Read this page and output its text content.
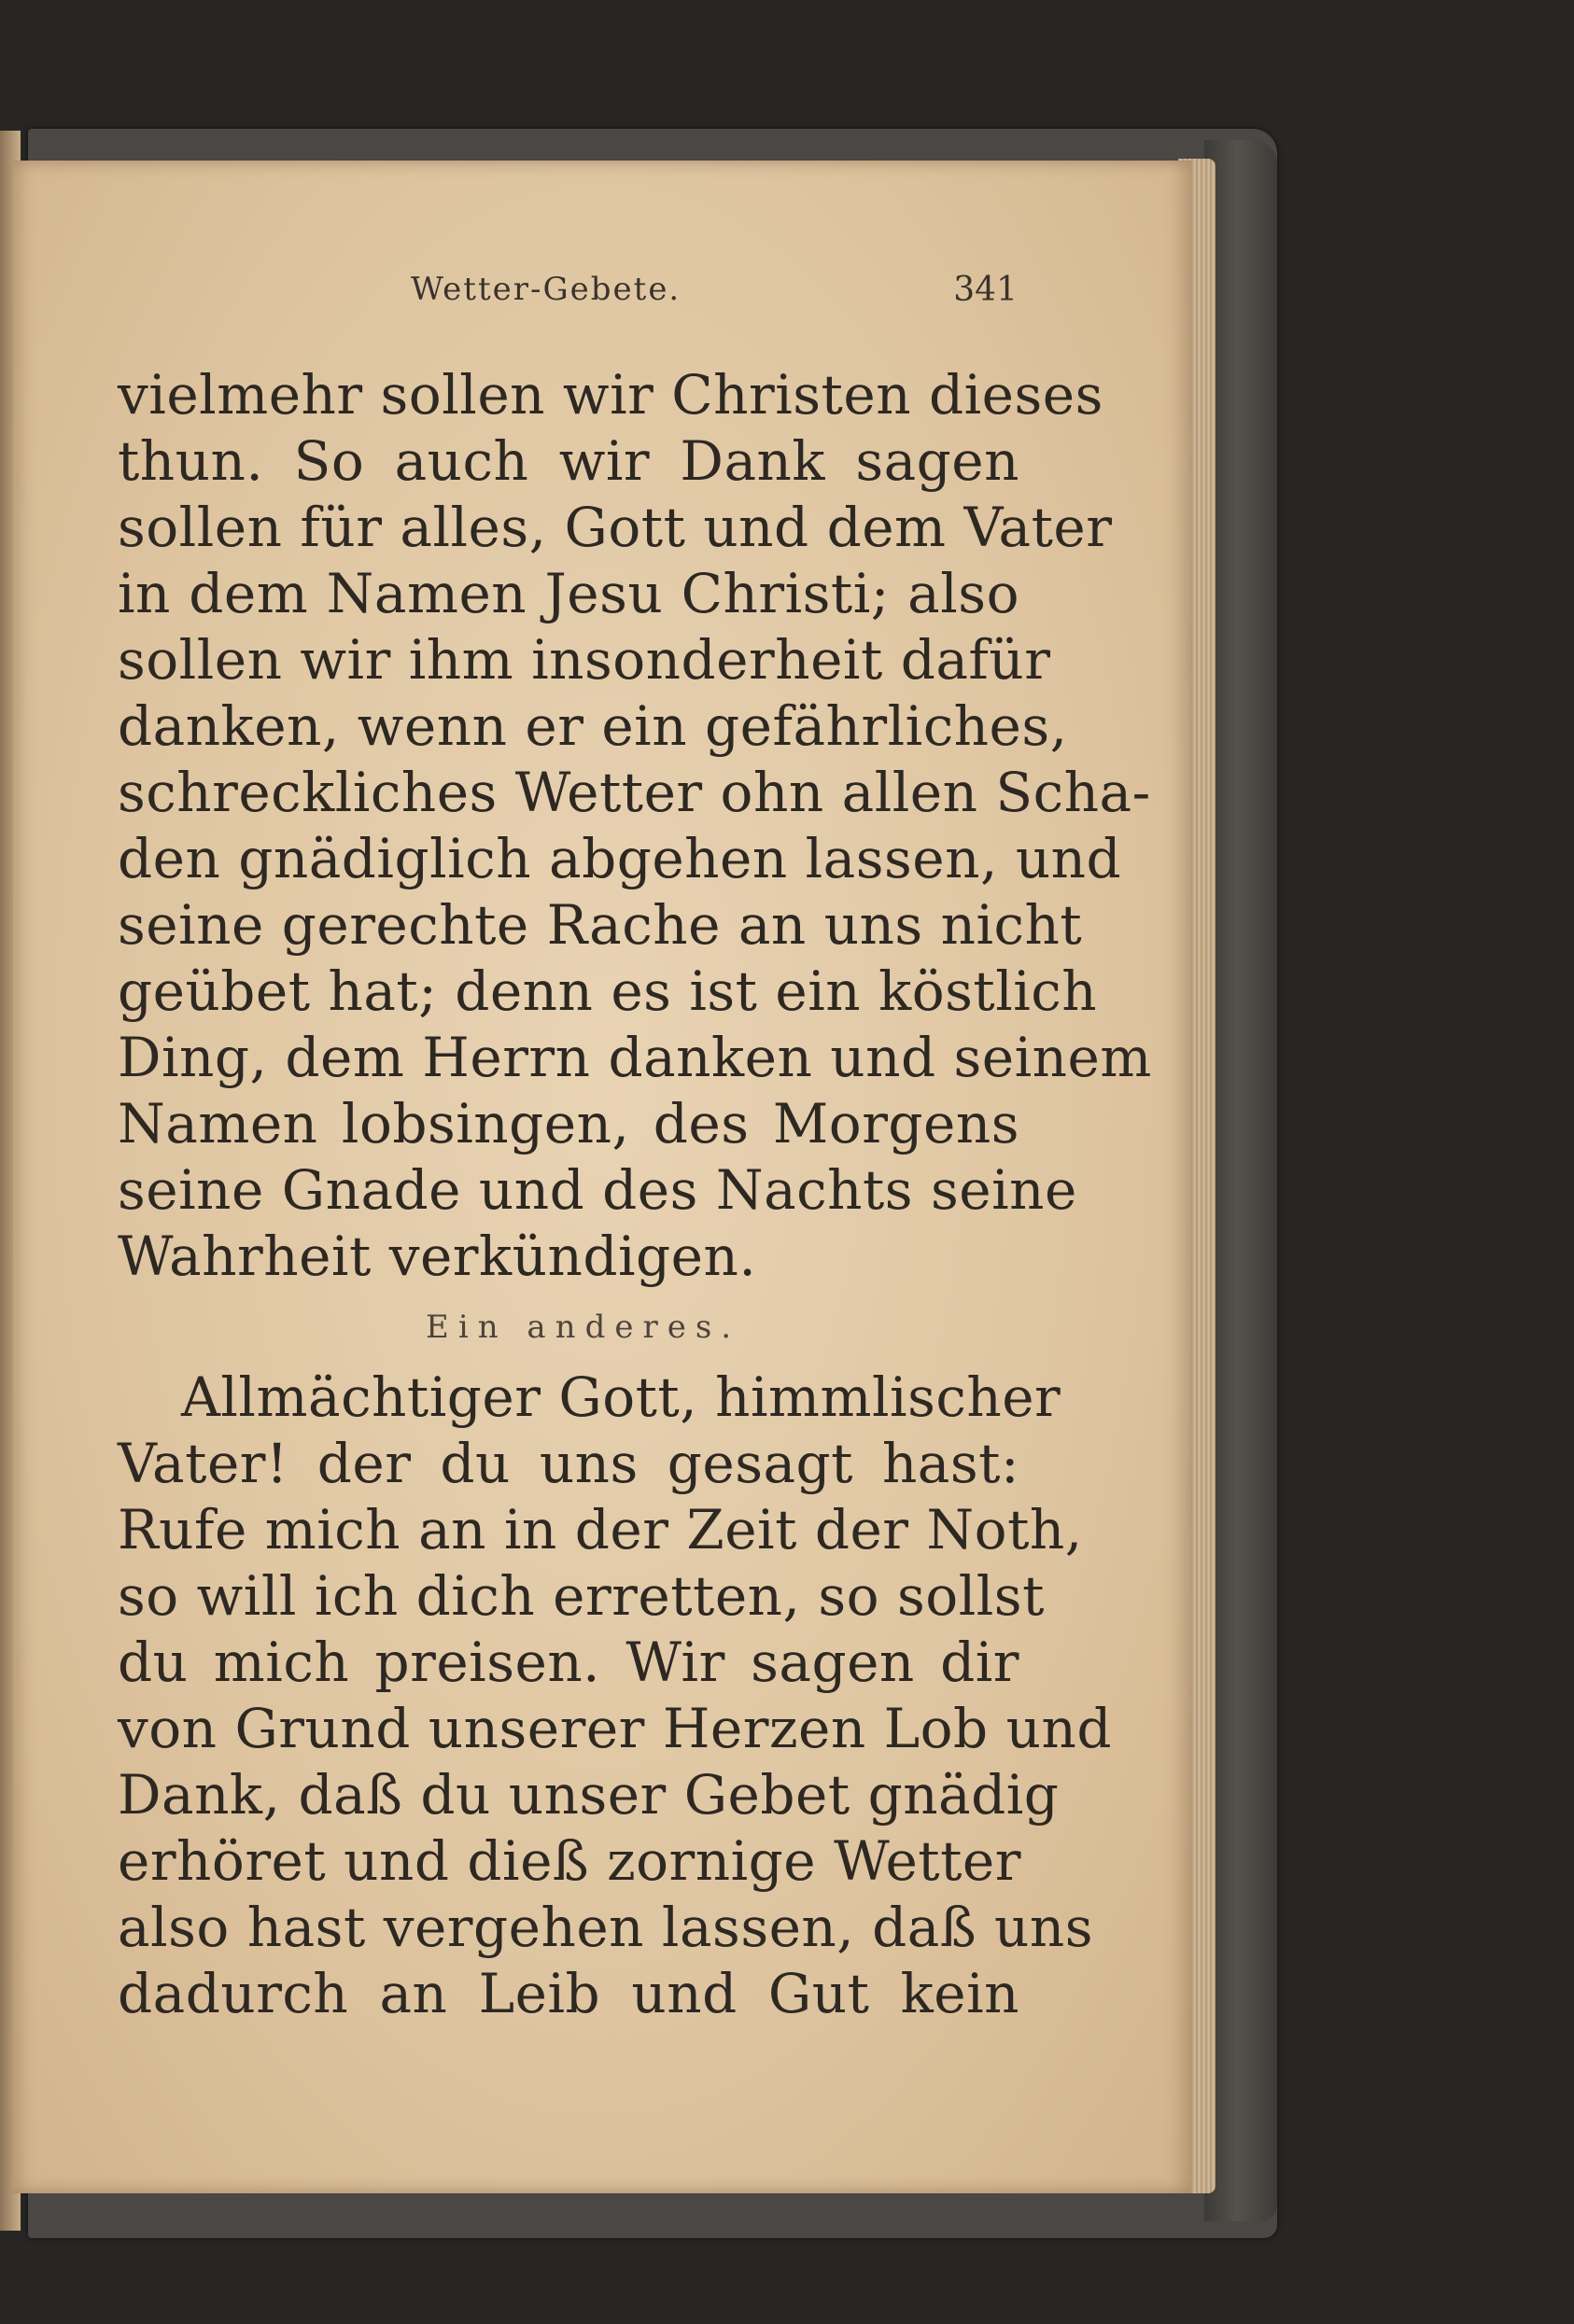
Wetter-Gebete.	341
vielmehr sollen wir Christen dieses
thun. So auch wir Dank sagen
sollen für alles, Gott und dem Vater
in dem Namen Jesu Christi; also
sollen wir ihm insonderheit dafür
danken, wenn er ein gefährliches,
schreckliches Wetter ohn allen Scha-
den gnädiglich abgehen lassen, und
seine gerechte Rache an uns nicht
geübet hat; denn es ist ein köstlich
Ding, dem Herrn danken und seinem
Namen lobsingen, des Morgens
seine Gnade und des Nachts seine
Wahrheit verkündigen.
Ein anderes.
Allmächtiger Gott, himmlischer
Vater! der du uns gesagt hast:
Rufe mich an in der Zeit der Noth,
so will ich dich erretten, so sollst
du mich preisen. Wir sagen dir
von Grund unserer Herzen Lob und
Dank, daß du unser Gebet gnädig
erhöret und dieß zornige Wetter
also hast vergehen lassen, daß uns
dadurch an Leib und Gut kein
